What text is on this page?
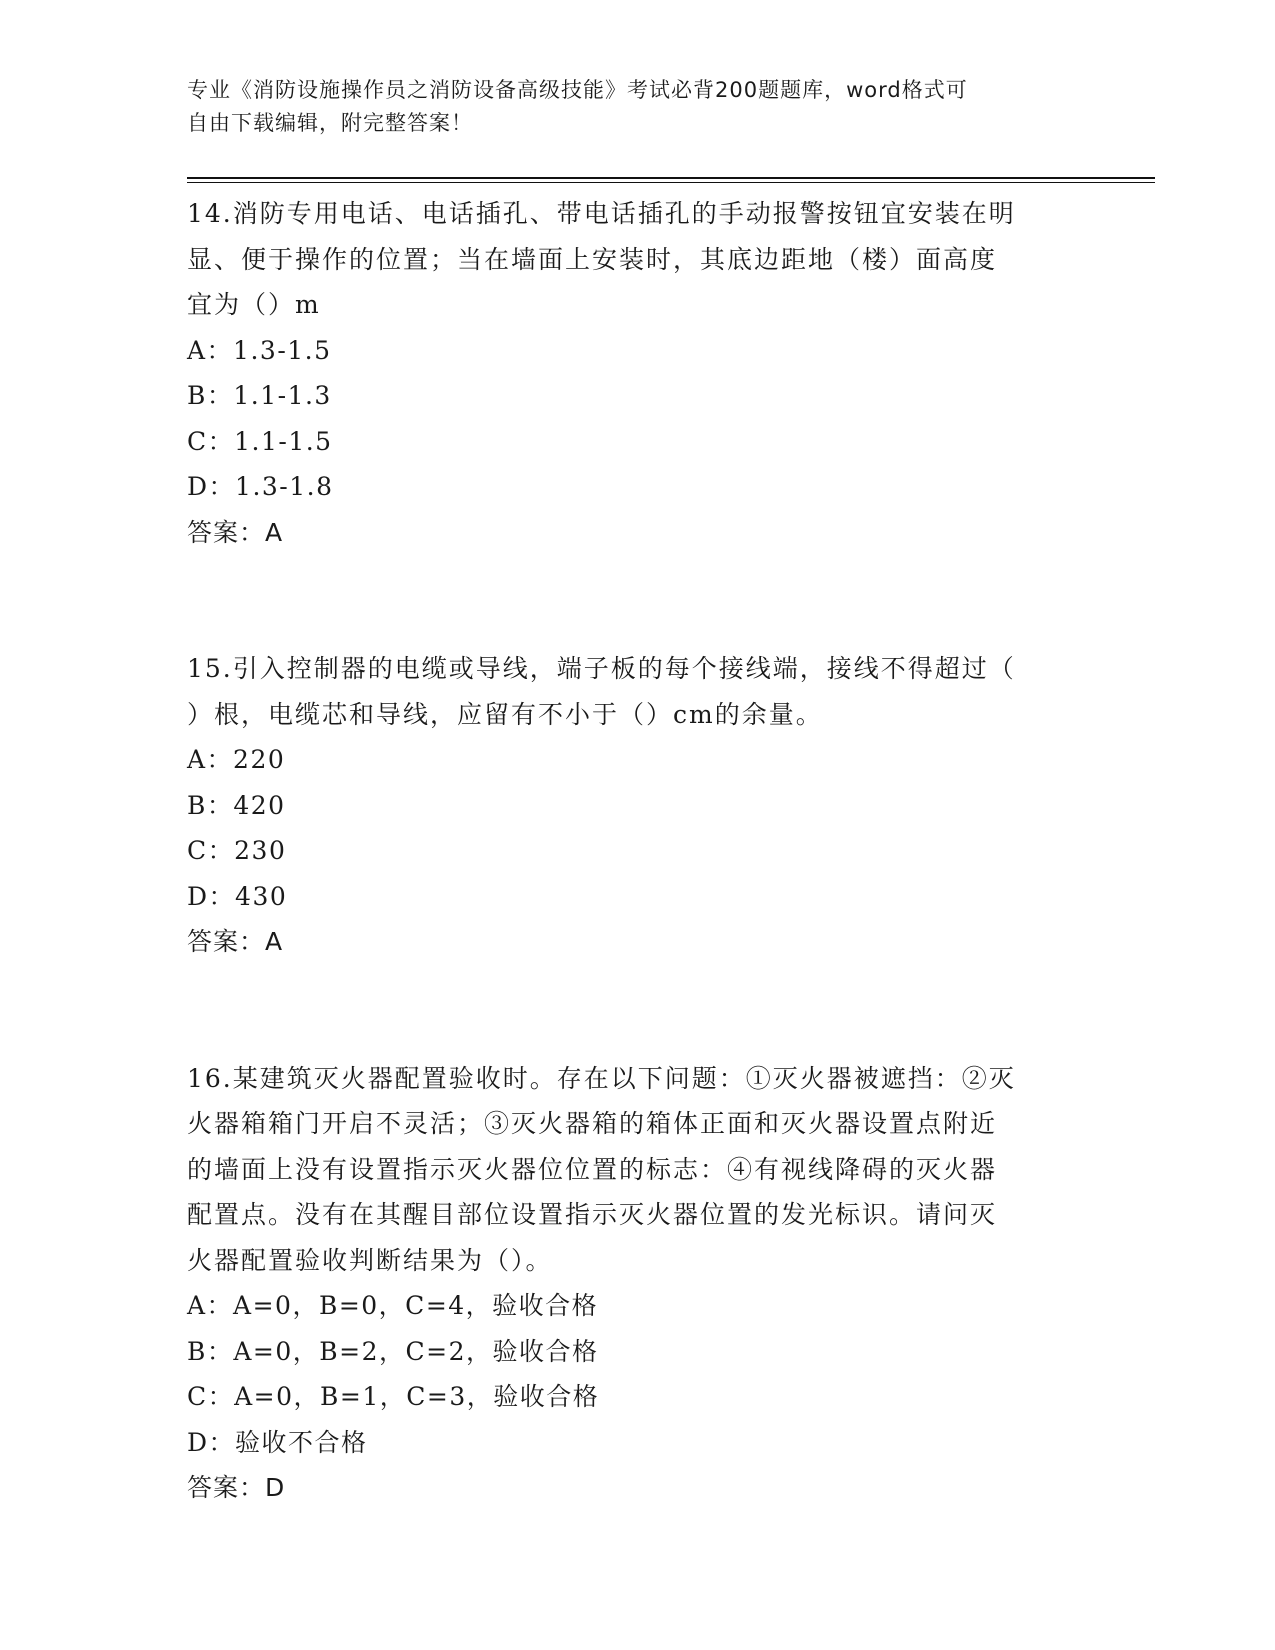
专业《消防设施操作员之消防设备高级技能》考试必背200题题库，word格式可
自由下载编辑，附完整答案！
14.消防专用电话、电话插孔、带电话插孔的手动报警按钮宜安装在明
显、便于操作的位置；当在墙面上安装时，其底边距地（楼）面高度
宜为（）m
A：1.3-1.5
B：1.1-1.3
C：1.1-1.5
D：1.3-1.8
答案：A
15.引入控制器的电缆或导线，端子板的每个接线端，接线不得超过（
）根，电缆芯和导线，应留有不小于（）cm的余量。
A：220
B：420
C：230
D：430
答案：A
16.某建筑灭火器配置验收时。存在以下问题：①灭火器被遮挡：②灭
火器箱箱门开启不灵活；③灭火器箱的箱体正面和灭火器设置点附近
的墙面上没有设置指示灭火器位位置的标志：④有视线降碍的灭火器
配置点。没有在其醒目部位设置指示灭火器位置的发光标识。请问灭
火器配置验收判断结果为（）。
A：A=0，B=0，C=4，验收合格
B：A=0，B=2，C=2，验收合格
C：A=0，B=1，C=3，验收合格
D：验收不合格
答案：D
